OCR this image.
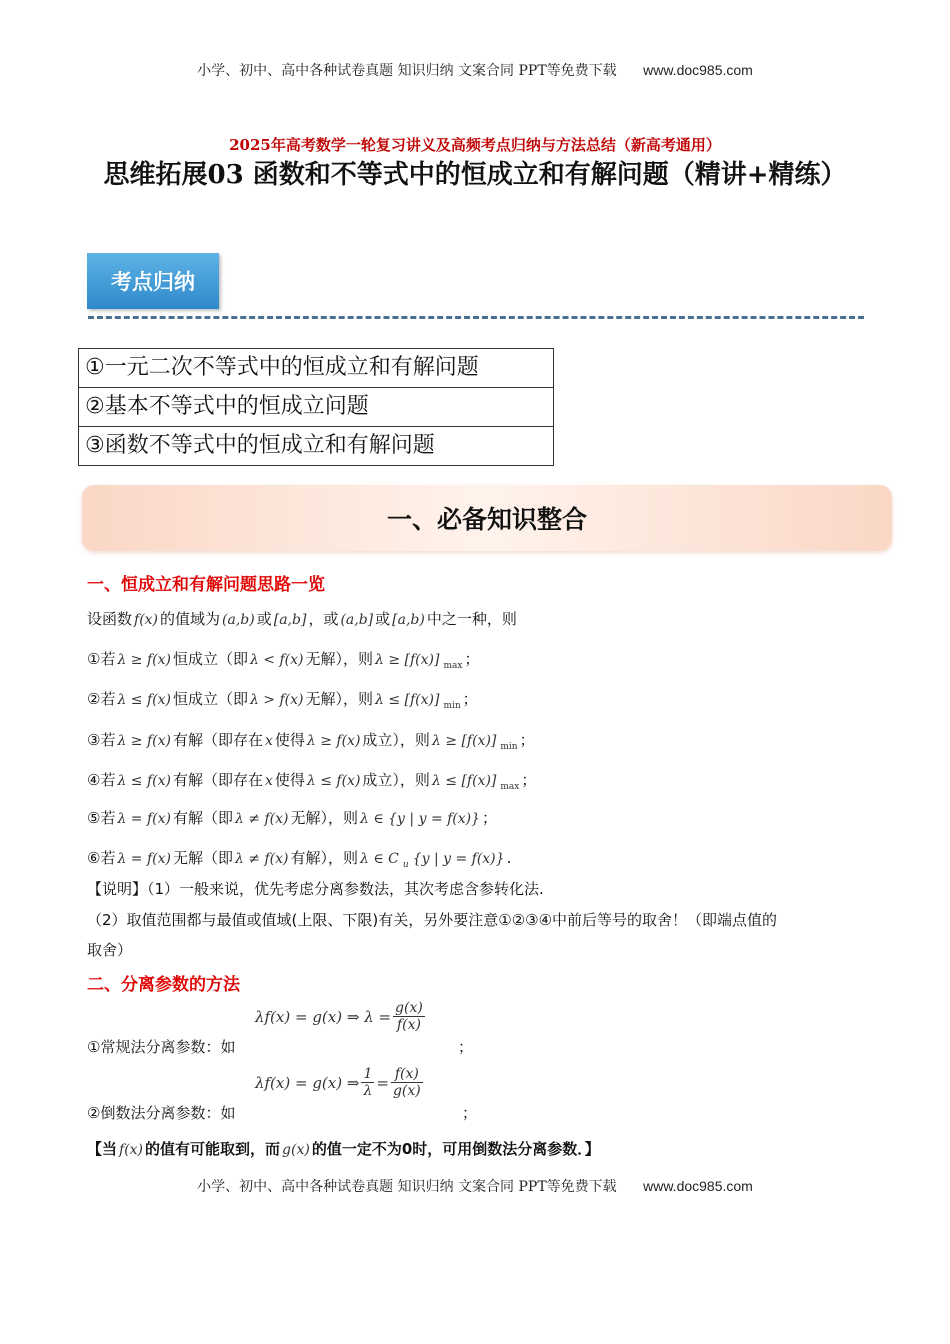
小学、初中、高中各种试卷真题 知识归纳 文案合同 PPT等免费下载 www.doc985.com
2025年高考数学一轮复习讲义及高频考点归纳与方法总结（新高考通用）
思维拓展03 函数和不等式中的恒成立和有解问题（精讲+精练）
考点归纳
①一元二次不等式中的恒成立和有解问题
②基本不等式中的恒成立问题
③函数不等式中的恒成立和有解问题
一、必备知识整合
一、恒成立和有解问题思路一览
设函数 f(x) 的值域为 (a,b) 或 [a,b] ，或 (a,b] 或 [a,b) 中之一种，则
①若 λ ≥ f(x) 恒成立（即 λ < f(x) 无解），则 λ ≥ [f(x)] $_{max}$ ；
②若 λ ≤ f(x) 恒成立（即 λ > f(x) 无解），则 λ ≤ [f(x)] $_{min}$ ；
③若 λ ≥ f(x) 有解（即存在 x 使得 λ ≥ f(x) 成立），则 λ ≥ [f(x)] $_{min}$ ；
④若 λ ≤ f(x) 有解（即存在 x 使得 λ ≤ f(x) 成立），则 λ ≤ [f(x)] $_{max}$ ；
⑤若 λ = f(x) 有解（即 λ ≠ f(x) 无解），则 λ ∈ {y | y = f(x)} ；
⑥若 λ = f(x) 无解（即 λ ≠ f(x) 有解），则 λ ∈ C $_u$ {y | y = f(x)} .
【说明】（1）一般来说，优先考虑分离参数法，其次考虑含参转化法.
（2）取值范围都与最值或值域(上限、下限)有关，另外要注意①②③④中前后等号的取舍！（即端点值的
取舍）
二、分离参数的方法
λf(x) = g(x) ⇒ $\lambda = \frac{g(x)}{f(x)}$
①常规法分离参数：如	；
λf(x) = g(x) ⇒ $\frac{1}{\lambda} = \frac{f(x)}{g(x)}$
②倒数法分离参数：如	；
【当 f(x) 的值有可能取到，而 g(x) 的值一定不为0时，可用倒数法分离参数．】
小学、初中、高中各种试卷真题 知识归纳 文案合同 PPT等免费下载 www.doc985.com
